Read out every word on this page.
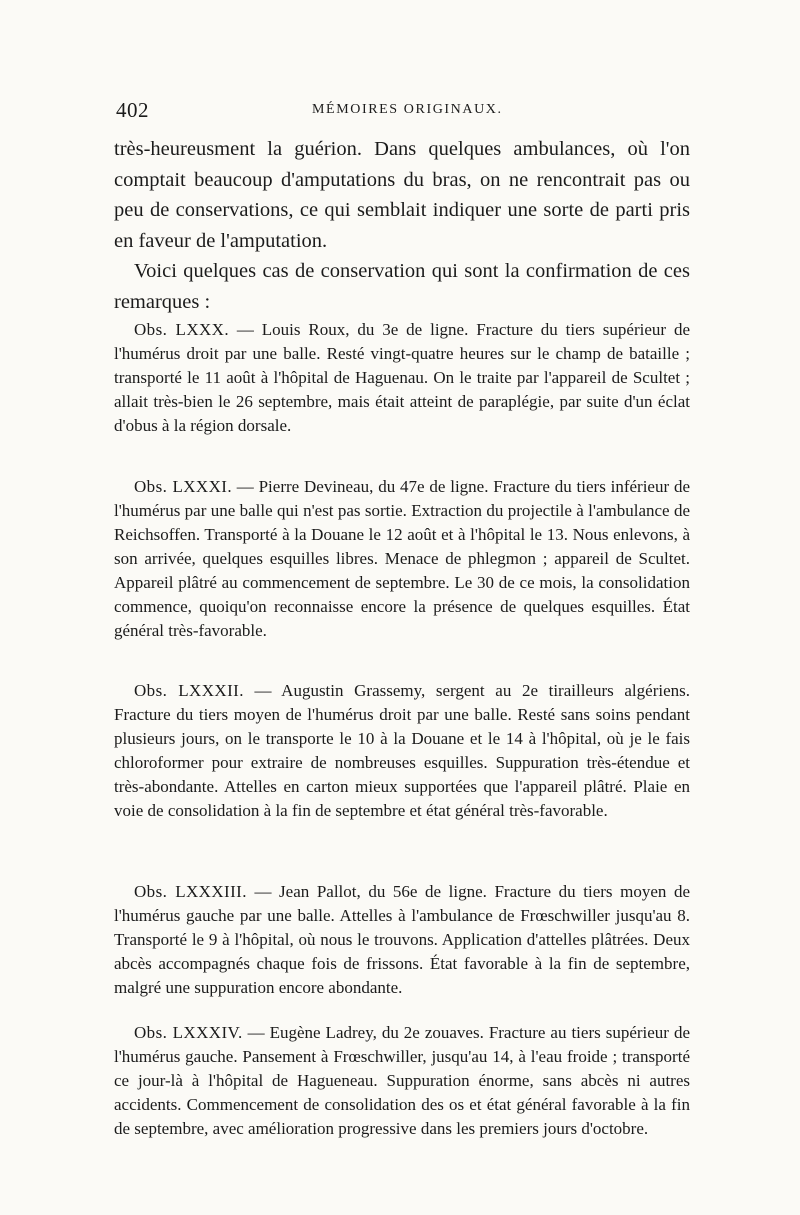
402	MÉMOIRES ORIGINAUX.

très-heureusment la guérion. Dans quelques ambulances, où l'on comptait beaucoup d'amputations du bras, on ne rencontrait pas ou peu de conservations, ce qui semblait indiquer une sorte de parti pris en faveur de l'amputation.

Voici quelques cas de conservation qui sont la confirmation de ces remarques :

Obs. LXXX. — Louis Roux, du 3e de ligne. Fracture du tiers supérieur de l'humérus droit par une balle. Resté vingt-quatre heures sur le champ de bataille ; transporté le 11 août à l'hôpital de Haguenau. On le traite par l'appareil de Scultet ; allait très-bien le 26 septembre, mais était atteint de paraplégie, par suite d'un éclat d'obus à la région dorsale.

Obs. LXXXI. — Pierre Devineau, du 47e de ligne. Fracture du tiers inférieur de l'humérus par une balle qui n'est pas sortie. Extraction du projectile à l'ambulance de Reichsoffen. Transporté à la Douane le 12 août et à l'hôpital le 13. Nous enlevons, à son arrivée, quelques esquilles libres. Menace de phlegmon ; appareil de Scultet. Appareil plâtré au commencement de septembre. Le 30 de ce mois, la consolidation commence, quoiqu'on reconnaisse encore la présence de quelques esquilles. État général très-favorable.

Obs. LXXXII. — Augustin Grassemy, sergent au 2e tirailleurs algériens. Fracture du tiers moyen de l'humérus droit par une balle. Resté sans soins pendant plusieurs jours, on le transporte le 10 à la Douane et le 14 à l'hôpital, où je le fais chloroformer pour extraire de nombreuses esquilles. Suppuration très-étendue et très-abondante. Attelles en carton mieux supportées que l'appareil plâtré. Plaie en voie de consolidation à la fin de septembre et état général très-favorable.

Obs. LXXXIII. — Jean Pallot, du 56e de ligne. Fracture du tiers moyen de l'humérus gauche par une balle. Attelles à l'ambulance de Frœschwiller jusqu'au 8. Transporté le 9 à l'hôpital, où nous le trouvons. Application d'attelles plâtrées. Deux abcès accompagnés chaque fois de frissons. État favorable à la fin de septembre, malgré une suppuration encore abondante.

Obs. LXXXIV. — Eugène Ladrey, du 2e zouaves. Fracture au tiers supérieur de l'humérus gauche. Pansement à Frœschwiller, jusqu'au 14, à l'eau froide ; transporté ce jour-là à l'hôpital de Hagueneau. Suppuration énorme, sans abcès ni autres accidents. Commencement de consolidation des os et état général favorable à la fin de septembre, avec amélioration progressive dans les premiers jours d'octobre.
